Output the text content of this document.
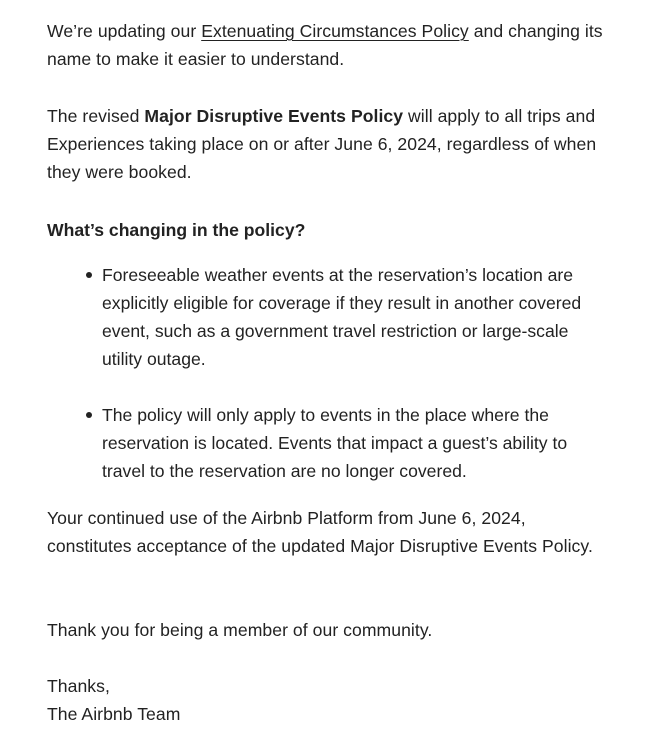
We’re updating our Extenuating Circumstances Policy and changing its name to make it easier to understand.

The revised Major Disruptive Events Policy will apply to all trips and Experiences taking place on or after June 6, 2024, regardless of when they were booked.

What’s changing in the policy?
Foreseeable weather events at the reservation’s location are explicitly eligible for coverage if they result in another covered event, such as a government travel restriction or large-scale utility outage.
The policy will only apply to events in the place where the reservation is located. Events that impact a guest’s ability to travel to the reservation are no longer covered.

Your continued use of the Airbnb Platform from June 6, 2024, constitutes acceptance of the updated Major Disruptive Events Policy.

Thank you for being a member of our community.

Thanks,
The Airbnb Team
